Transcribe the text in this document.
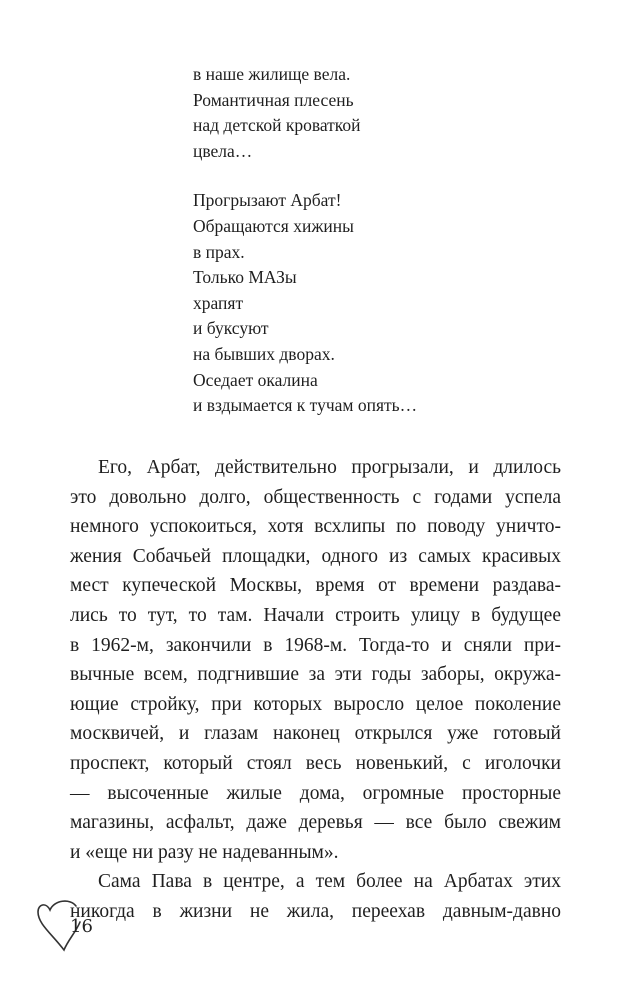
в наше жилище вела.
Романтичная плесень
над детской кроваткой
цвела…
Прогрызают Арбат!
Обращаются хижины
в прах.
Только МАЗы
храпят
и буксуют
на бывших дворах.
Оседает окалина
и вздымается к тучам опять…
Его, Арбат, действительно прогрызали, и длилось
это довольно долго, общественность с годами успела
немного успокоиться, хотя всхлипы по поводу уничто-
жения Собачьей площадки, одного из самых красивых
мест купеческой Москвы, время от времени раздава-
лись то тут, то там. Начали строить улицу в будущее
в 1962-м, закончили в 1968-м. Тогда-то и сняли при-
вычные всем, подгнившие за эти годы заборы, окружа-
ющие стройку, при которых выросло целое поколение
москвичей, и глазам наконец открылся уже готовый
проспект, который стоял весь новенький, с иголочки
— высоченные жилые дома, огромные просторные
магазины, асфальт, даже деревья — все было свежим
и «еще ни разу не надеванным».
Сама Пава в центре, а тем более на Арбатах этих
никогда в жизни не жила, переехав давным-давно
16
